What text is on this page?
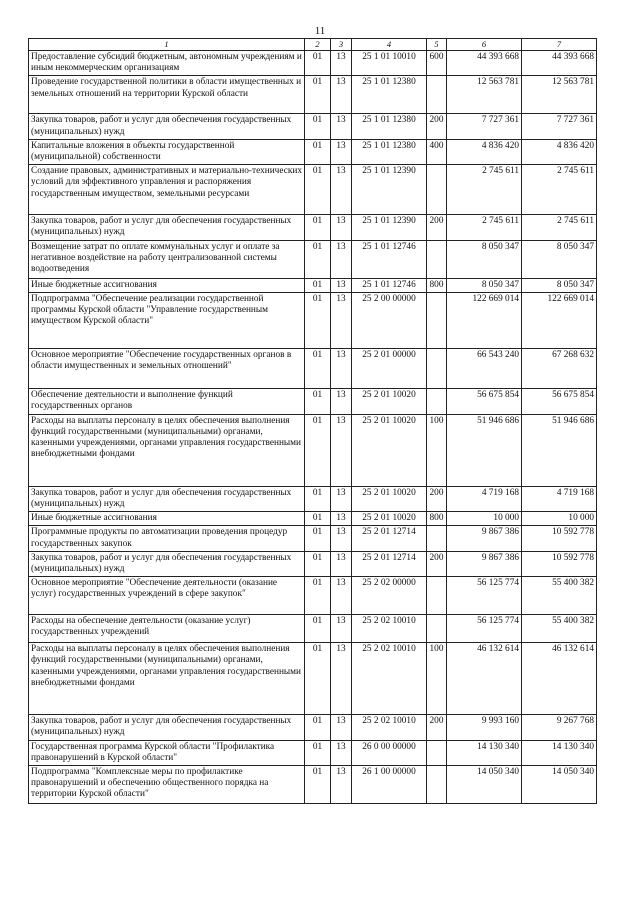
11
1	2	3	4	5	6	7
Предоставление субсидий бюджетным, автономным учреждениям и иным некоммерческим организациям	01	13	25 1 01 10010	600	44 393 668	44 393 668
Проведение государственной политики в области имущественных и земельных отношений на территории Курской области	01	13	25 1 01 12380		12 563 781	12 563 781
Закупка товаров, работ и услуг для обеспечения государственных (муниципальных) нужд	01	13	25 1 01 12380	200	7 727 361	7 727 361
Капитальные вложения в объекты государственной (муниципальной) собственности	01	13	25 1 01 12380	400	4 836 420	4 836 420
Создание правовых, административных и материально-технических условий для эффективного управления и распоряжения государственным имуществом, земельными ресурсами	01	13	25 1 01 12390		2 745 611	2 745 611
Закупка товаров, работ и услуг для обеспечения государственных (муниципальных) нужд	01	13	25 1 01 12390	200	2 745 611	2 745 611
Возмещение затрат по оплате коммунальных услуг и оплате за негативное воздействие на работу централизованной системы водоотведения	01	13	25 1 01 12746		8 050 347	8 050 347
Иные бюджетные ассигнования	01	13	25 1 01 12746	800	8 050 347	8 050 347
Подпрограмма "Обеспечение реализации государственной программы Курской области "Управление государственным имуществом Курской области"	01	13	25 2 00 00000		122 669 014	122 669 014
Основное мероприятие "Обеспечение государственных органов в области имущественных и земельных отношений"	01	13	25 2 01 00000		66 543 240	67 268 632
Обеспечение деятельности и выполнение функций государственных органов	01	13	25 2 01 10020		56 675 854	56 675 854
Расходы на выплаты персоналу в целях обеспечения выполнения функций государственными (муниципальными) органами, казенными учреждениями, органами управления государственными внебюджетными фондами	01	13	25 2 01 10020	100	51 946 686	51 946 686
Закупка товаров, работ и услуг для обеспечения государственных (муниципальных) нужд	01	13	25 2 01 10020	200	4 719 168	4 719 168
Иные бюджетные ассигнования	01	13	25 2 01 10020	800	10 000	10 000
Программные продукты по автоматизации проведения процедур государственных закупок	01	13	25 2 01 12714		9 867 386	10 592 778
Закупка товаров, работ и услуг для обеспечения государственных (муниципальных) нужд	01	13	25 2 01 12714	200	9 867 386	10 592 778
Основное мероприятие "Обеспечение деятельности (оказание услуг) государственных учреждений в сфере закупок"	01	13	25 2 02 00000		56 125 774	55 400 382
Расходы на обеспечение деятельности (оказание услуг) государственных учреждений	01	13	25 2 02 10010		56 125 774	55 400 382
Расходы на выплаты персоналу в целях обеспечения выполнения функций государственными (муниципальными) органами, казенными учреждениями, органами управления государственными внебюджетными фондами	01	13	25 2 02 10010	100	46 132 614	46 132 614
Закупка товаров, работ и услуг для обеспечения государственных (муниципальных) нужд	01	13	25 2 02 10010	200	9 993 160	9 267 768
Государственная программа Курской области "Профилактика правонарушений в Курской области"	01	13	26 0 00 00000		14 130 340	14 130 340
Подпрограмма "Комплексные меры по профилактике правонарушений и обеспечению общественного порядка на территории Курской области"	01	13	26 1 00 00000		14 050 340	14 050 340
